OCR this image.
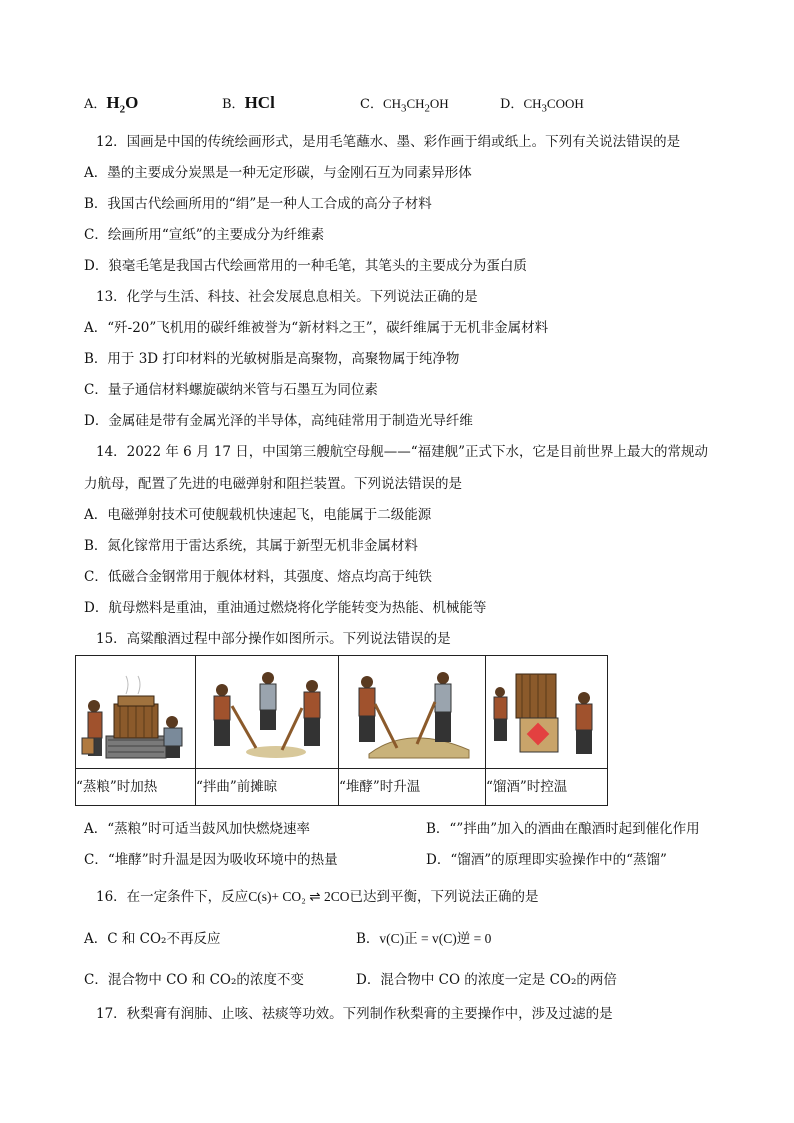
A．$H_2O$	B．HCl	C．$CH_3CH_2OH$	D．$CH_3COOH$
12．国画是中国的传统绘画形式，是用毛笔蘸水、墨、彩作画于绢或纸上。下列有关说法错误的是
A．墨的主要成分炭黑是一种无定形碳，与金刚石互为同素异形体
B．我国古代绘画所用的“绢”是一种人工合成的高分子材料
C．绘画所用“宣纸”的主要成分为纤维素
D．狼毫毛笔是我国古代绘画常用的一种毛笔，其笔头的主要成分为蛋白质
13．化学与生活、科技、社会发展息息相关。下列说法正确的是
A．“歼-20”飞机用的碳纤维被誉为“新材料之王”，碳纤维属于无机非金属材料
B．用于 3D 打印材料的光敏树脂是高聚物，高聚物属于纯净物
C．量子通信材料螺旋碳纳米管与石墨互为同位素
D．金属硅是带有金属光泽的半导体，高纯硅常用于制造光导纤维
14．2022 年 6 月 17 日，中国第三艘航空母舰——“福建舰”正式下水，它是目前世界上最大的常规动
力航母，配置了先进的电磁弹射和阻拦装置。下列说法错误的是
A．电磁弹射技术可使舰载机快速起飞，电能属于二级能源
B．氮化镓常用于雷达系统，其属于新型无机非金属材料
C．低磁合金钢常用于舰体材料，其强度、熔点均高于纯铁
D．航母燃料是重油，重油通过燃烧将化学能转变为热能、机械能等
15．高粱酿酒过程中部分操作如图所示。下列说法错误的是

“蒸粮”时加热	“拌曲”前摊晾	“堆酵”时升温	“馏酒”时控温
A．“蒸粮”时可适当鼓风加快燃烧速率	B．“”拌曲”加入的酒曲在酿酒时起到催化作用
C．“堆酵”时升温是因为吸收环境中的热量	D．“馏酒”的原理即实验操作中的“蒸馏”
16．在一定条件下，反应C(s)+ CO₂ ⇌ 2CO已达到平衡，下列说法正确的是
A．C 和 CO₂不再反应	B．v(C)正 = v(C)逆 = 0
C．混合物中 CO 和 CO₂的浓度不变	D．混合物中 CO 的浓度一定是 CO₂的两倍
17．秋梨膏有润肺、止咳、祛痰等功效。下列制作秋梨膏的主要操作中，涉及过滤的是
